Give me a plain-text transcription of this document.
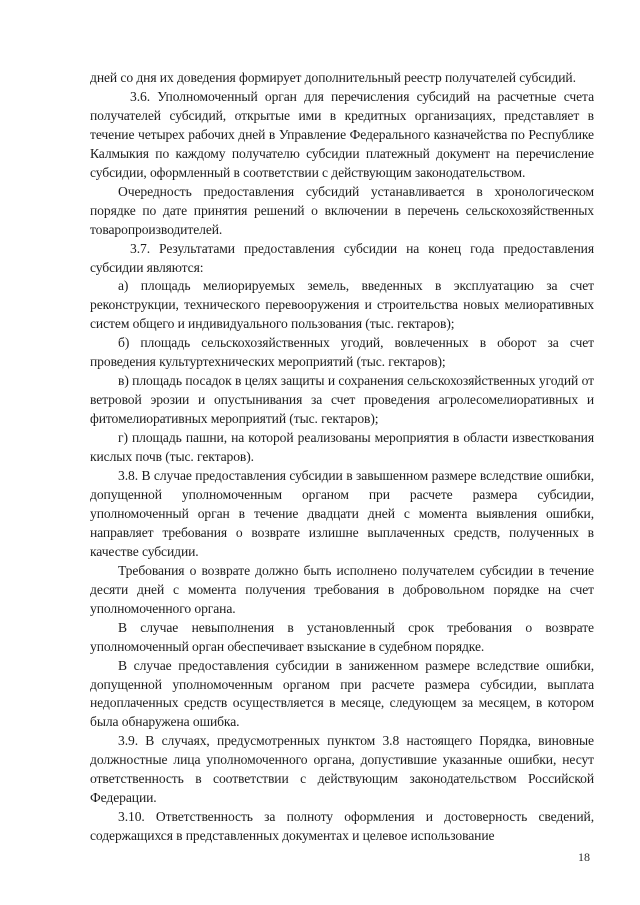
дней со дня их доведения формирует дополнительный реестр получателей субсидий.

3.6. Уполномоченный орган для перечисления субсидий на расчетные счета получателей субсидий, открытые ими в кредитных организациях, представляет в течение четырех рабочих дней в Управление Федерального казначейства по Республике Калмыкия по каждому получателю субсидии платежный документ на перечисление субсидии, оформленный в соответствии с действующим законодательством.

Очередность предоставления субсидий устанавливается в хронологическом порядке по дате принятия решений о включении в перечень сельскохозяйственных товаропроизводителей.

3.7. Результатами предоставления субсидии на конец года предоставления субсидии являются:

а) площадь мелиорируемых земель, введенных в эксплуатацию за счет реконструкции, технического перевооружения и строительства новых мелиоративных систем общего и индивидуального пользования (тыс. гектаров);

б) площадь сельскохозяйственных угодий, вовлеченных в оборот за счет проведения культуртехнических мероприятий (тыс. гектаров);

в) площадь посадок в целях защиты и сохранения сельскохозяйственных угодий от ветровой эрозии и опустынивания за счет проведения агролесомелиоративных и фитомелиоративных мероприятий (тыс. гектаров);

г) площадь пашни, на которой реализованы мероприятия в области известкования кислых почв (тыс. гектаров).

3.8. В случае предоставления субсидии в завышенном размере вследствие ошибки, допущенной уполномоченным органом при расчете размера субсидии, уполномоченный орган в течение двадцати дней с момента выявления ошибки, направляет требования о возврате излишне выплаченных средств, полученных в качестве субсидии.

Требования о возврате должно быть исполнено получателем субсидии в течение десяти дней с момента получения требования в добровольном порядке на счет уполномоченного органа.

В случае невыполнения в установленный срок требования о возврате уполномоченный орган обеспечивает взыскание в судебном порядке.

В случае предоставления субсидии в заниженном размере вследствие ошибки, допущенной уполномоченным органом при расчете размера субсидии, выплата недоплаченных средств осуществляется в месяце, следующем за месяцем, в котором была обнаружена ошибка.

3.9. В случаях, предусмотренных пунктом 3.8 настоящего Порядка, виновные должностные лица уполномоченного органа, допустившие указанные ошибки, несут ответственность в соответствии с действующим законодательством Российской Федерации.

3.10. Ответственность за полноту оформления и достоверность сведений, содержащихся в представленных документах и целевое использование

18
